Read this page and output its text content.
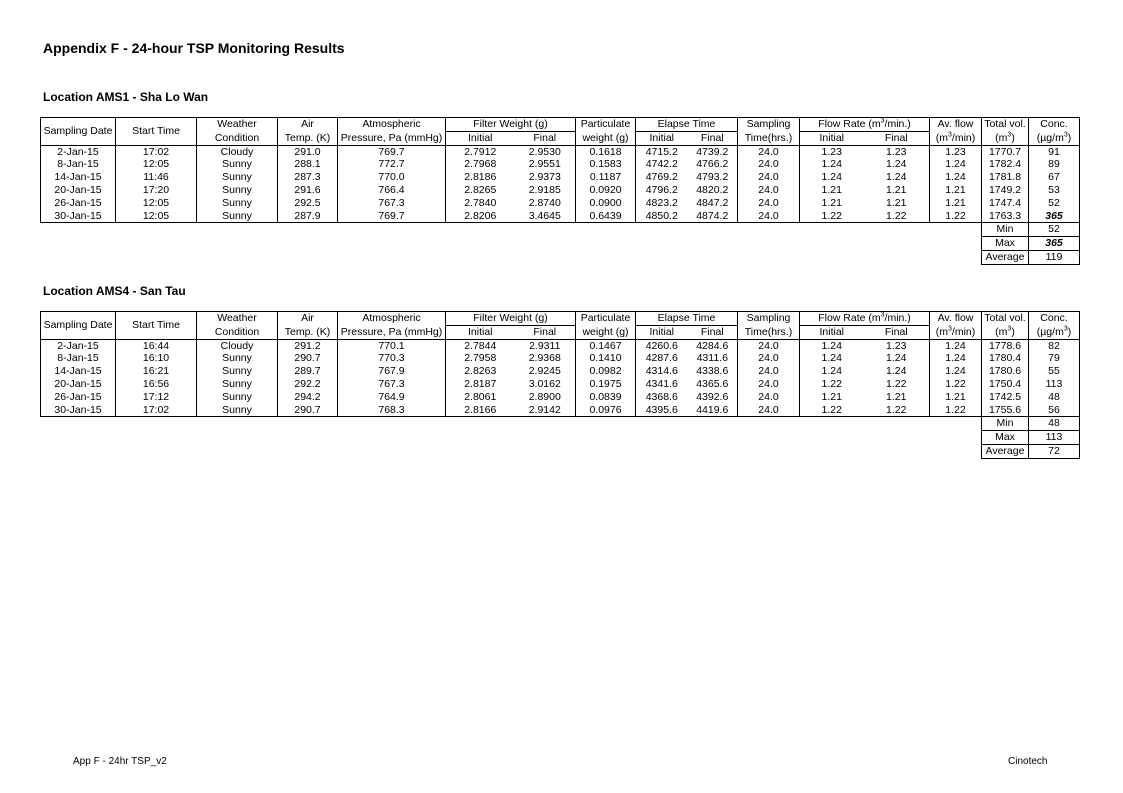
Appendix F - 24-hour TSP Monitoring Results
Location AMS1 - Sha Lo Wan
Sampling Date	Start Time	Weather	Air	Atmospheric	Filter Weight (g)		Particulate	Elapse Time		Sampling	Flow Rate $(m^3/\min.)$		Av. flow	Total vol.	Conc.
		Condition	Temp. (K)	Pressure, Pa (mmHg)	Initial	Final	weight (g)	Initial	Final	Time(hrs.)	Initial	Final	$(m^3/\min)$	$(m^3)$	$(\mu g/m^3)$
2-Jan-15	17:02	Cloudy	291.0	769.7	2.7912	2.9530	0.1618	4715.2	4739.2	24.0	1.23	1.23	1.23	1770.7	91
8-Jan-15	12:05	Sunny	288.1	772.7	2.7968	2.9551	0.1583	4742.2	4766.2	24.0	1.24	1.24	1.24	1782.4	89
14-Jan-15	11:46	Sunny	287.3	770.0	2.8186	2.9373	0.1187	4769.2	4793.2	24.0	1.24	1.24	1.24	1781.8	67
20-Jan-15	17:20	Sunny	291.6	766.4	2.8265	2.9185	0.0920	4796.2	4820.2	24.0	1.21	1.21	1.21	1749.2	53
26-Jan-15	12:05	Sunny	292.5	767.3	2.7840	2.8740	0.0900	4823.2	4847.2	24.0	1.21	1.21	1.21	1747.4	52
30-Jan-15	12:05	Sunny	287.9	769.7	2.8206	3.4645	0.6439	4850.2	4874.2	24.0	1.22	1.22	1.22	1763.3	365
														Min	52
														Max	365
														Average	119
Location AMS4 - San Tau
Sampling Date	Start Time	Weather	Air	Atmospheric	Filter Weight (g)		Particulate	Elapse Time		Sampling	Flow Rate $(m^3/\min.)$		Av. flow	Total vol.	Conc.
		Condition	Temp. (K)	Pressure, Pa (mmHg)	Initial	Final	weight (g)	Initial	Final	Time(hrs.)	Initial	Final	$(m^3/\min)$	$(m^3)$	$(\mu g/m^3)$
2-Jan-15	16:44	Cloudy	291.2	770.1	2.7844	2.9311	0.1467	4260.6	4284.6	24.0	1.24	1.23	1.24	1778.6	82
8-Jan-15	16:10	Sunny	290.7	770.3	2.7958	2.9368	0.1410	4287.6	4311.6	24.0	1.24	1.24	1.24	1780.4	79
14-Jan-15	16:21	Sunny	289.7	767.9	2.8263	2.9245	0.0982	4314.6	4338.6	24.0	1.24	1.24	1.24	1780.6	55
20-Jan-15	16:56	Sunny	292.2	767.3	2.8187	3.0162	0.1975	4341.6	4365.6	24.0	1.22	1.22	1.22	1750.4	113
26-Jan-15	17:12	Sunny	294.2	764.9	2.8061	2.8900	0.0839	4368.6	4392.6	24.0	1.21	1.21	1.21	1742.5	48
30-Jan-15	17:02	Sunny	290.7	768.3	2.8166	2.9142	0.0976	4395.6	4419.6	24.0	1.22	1.22	1.22	1755.6	56
														Min	48
														Max	113
														Average	72
App F - 24hr TSP_v2	Cinotech
